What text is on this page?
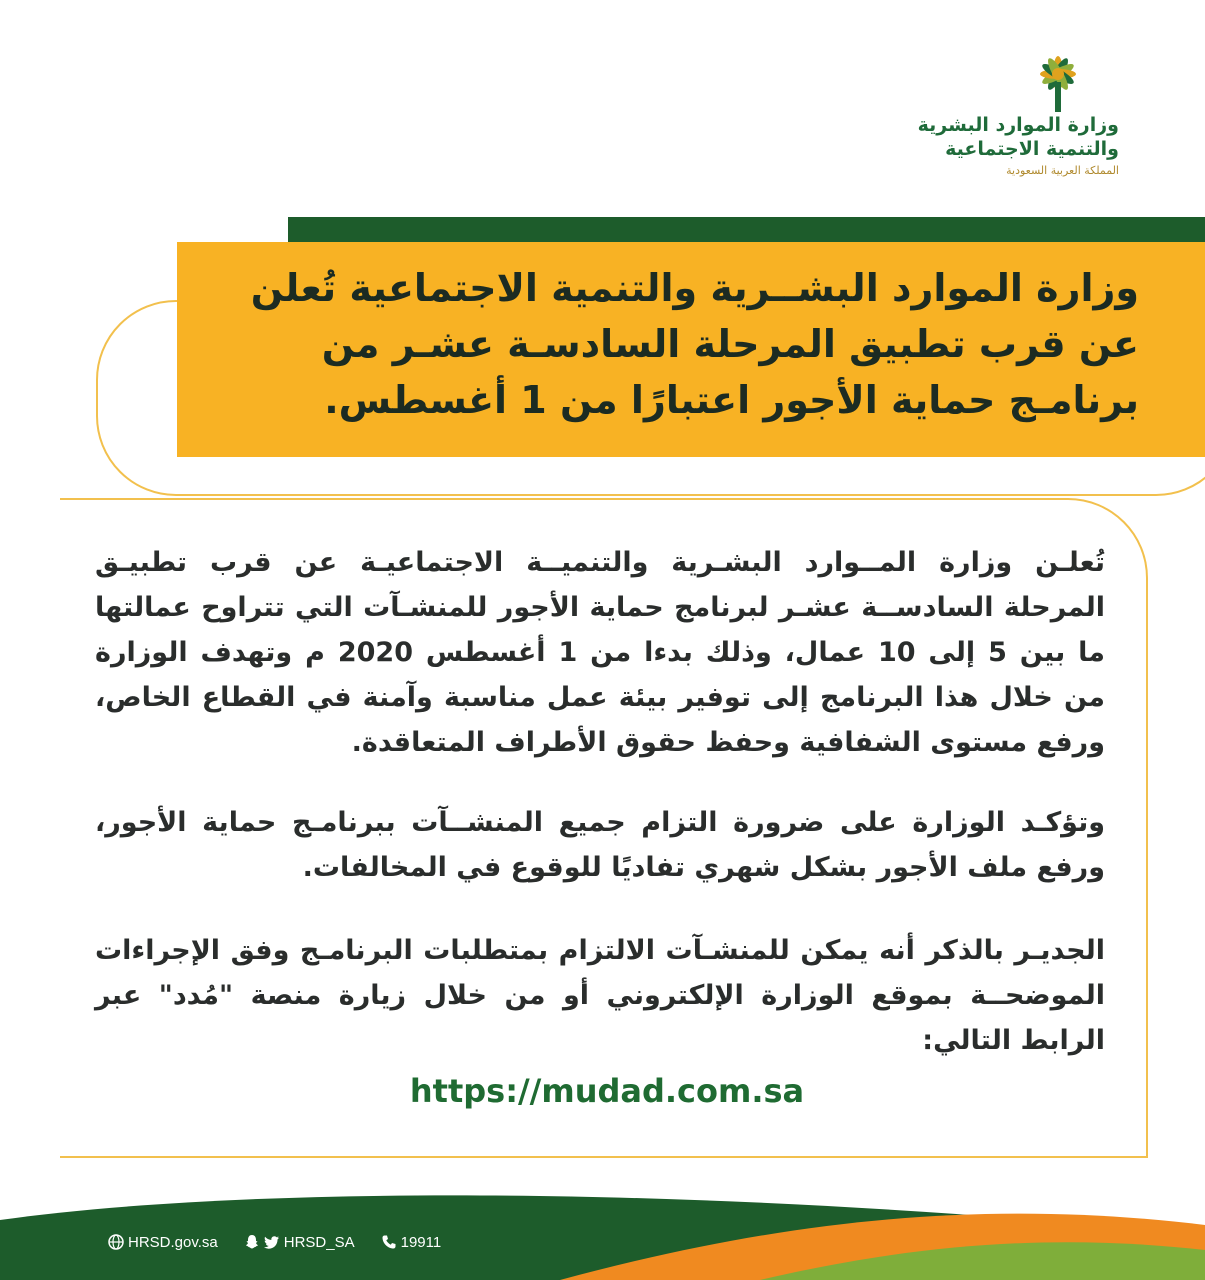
وزارة الموارد البشرية
والتنمية الاجتماعية
المملكة العربية السعودية
وزارة الموارد البشــرية والتنمية الاجتماعية تُعلن عن قرب تطبيق المرحلة السادسـة عشـر من برنامـج حماية الأجور اعتبارًا من 1 أغسطس.

تُعلـن وزارة المــوارد البشـرية والتنميــة الاجتماعيـة عن قرب تطبيـق المرحلة السادســة عشـر لبرنامج حماية الأجور للمنشـآت التي تتراوح عمالتها ما بين 5 إلى 10 عمال، وذلك بدءا من 1 أغسطس 2020 م وتهدف الوزارة من خلال هذا البرنامج إلى توفير بيئة عمل مناسبة وآمنة في القطاع الخاص، ورفع مستوى الشفافية وحفظ حقوق الأطراف المتعاقدة.

وتؤكـد الوزارة على ضرورة التزام جميع المنشــآت ببرنامـج حماية الأجور، ورفع ملف الأجور بشكل شهري تفاديًا للوقوع في المخالفات.

الجديـر بالذكر أنه يمكن للمنشـآت الالتزام بمتطلبات البرنامـج وفق الإجراءات الموضحــة بموقع الوزارة الإلكتروني أو من خلال زيارة منصة "مُدد" عبر الرابط التالي:

https://mudad.com.sa
HRSD.gov.sa	HRSD_SA	19911
